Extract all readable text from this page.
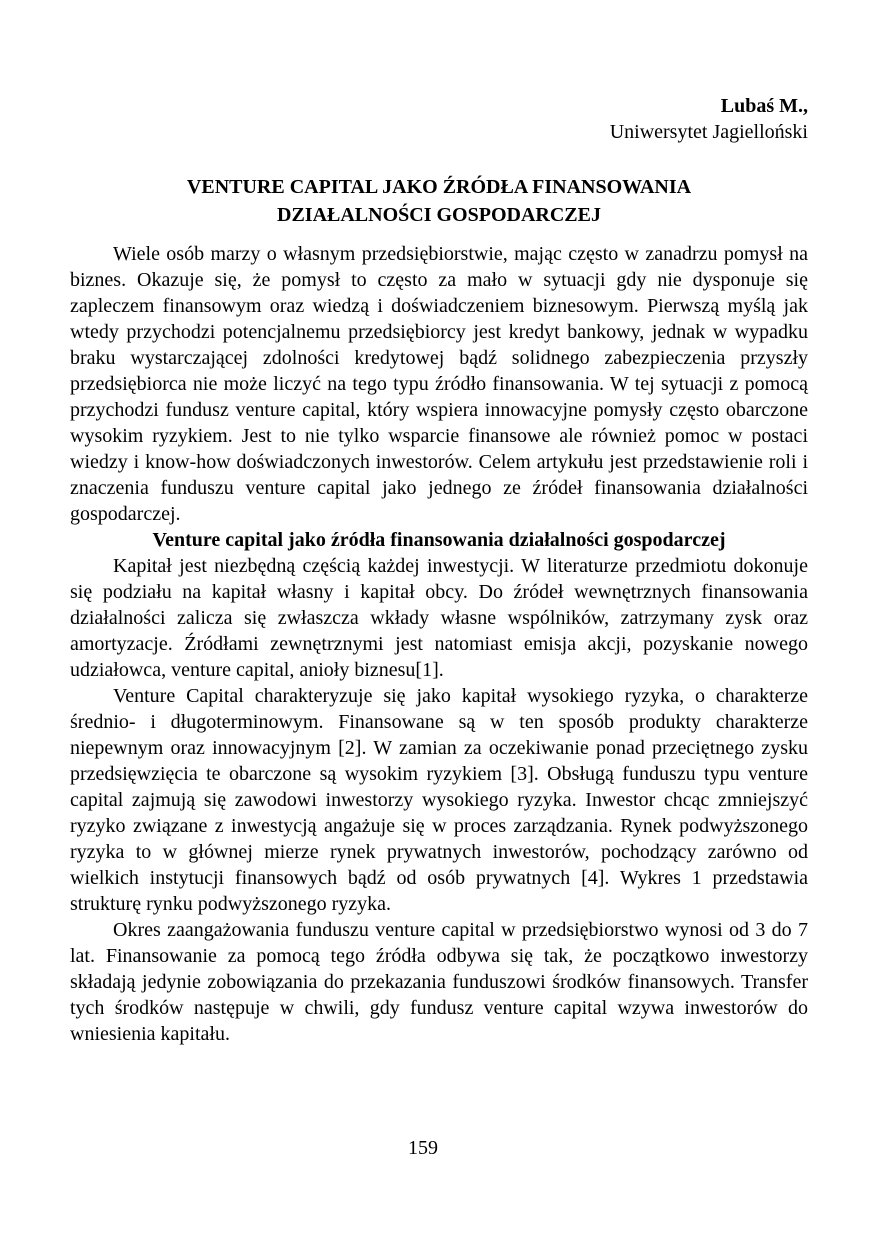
Lubaś M.,
Uniwersytet Jagielloński
VENTURE CAPITAL JAKO ŹRÓDŁA FINANSOWANIA
DZIAŁALNOŚCI GOSPODARCZEJ

Wiele osób marzy o własnym przedsiębiorstwie, mając często w zanadrzu pomysł na biznes. Okazuje się, że pomysł to często za mało w sytuacji gdy nie dysponuje się zapleczem finansowym oraz wiedzą i doświadczeniem biznesowym. Pierwszą myślą jak wtedy przychodzi potencjalnemu przedsiębiorcy jest kredyt bankowy, jednak w wypadku braku wystarczającej zdolności kredytowej bądź solidnego zabezpieczenia przyszły przedsiębiorca nie może liczyć na tego typu źródło finansowania. W tej sytuacji z pomocą przychodzi fundusz venture capital, który wspiera innowacyjne pomysły często obarczone wysokim ryzykiem. Jest to nie tylko wsparcie finansowe ale również pomoc w postaci wiedzy i know-how doświadczonych inwestorów. Celem artykułu jest przedstawienie roli i znaczenia funduszu venture capital jako jednego ze źródeł finansowania działalności gospodarczej.

Venture capital jako źródła finansowania działalności gospodarczej

Kapitał jest niezbędną częścią każdej inwestycji. W literaturze przedmiotu dokonuje się podziału na kapitał własny i kapitał obcy. Do źródeł wewnętrznych finansowania działalności zalicza się zwłaszcza wkłady własne wspólników, zatrzymany zysk oraz amortyzacje. Źródłami zewnętrznymi jest natomiast emisja akcji, pozyskanie nowego udziałowca, venture capital, anioły biznesu[1].

Venture Capital charakteryzuje się jako kapitał wysokiego ryzyka, o charakterze średnio- i długoterminowym. Finansowane są w ten sposób produkty charakterze niepewnym oraz innowacyjnym [2]. W zamian za oczekiwanie ponad przeciętnego zysku przedsięwzięcia te obarczone są wysokim ryzykiem [3]. Obsługą funduszu typu venture capital zajmują się zawodowi inwestorzy wysokiego ryzyka. Inwestor chcąc zmniejszyć ryzyko związane z inwestycją angażuje się w proces zarządzania. Rynek podwyższonego ryzyka to w głównej mierze rynek prywatnych inwestorów, pochodzący zarówno od wielkich instytucji finansowych bądź od osób prywatnych [4]. Wykres 1 przedstawia strukturę rynku podwyższonego ryzyka.

Okres zaangażowania funduszu venture capital w przedsiębiorstwo wynosi od 3 do 7 lat. Finansowanie za pomocą tego źródła odbywa się tak, że początkowo inwestorzy składają jedynie zobowiązania do przekazania funduszowi środków finansowych. Transfer tych środków następuje w chwili, gdy fundusz venture capital wzywa inwestorów do wniesienia kapitału.

159
